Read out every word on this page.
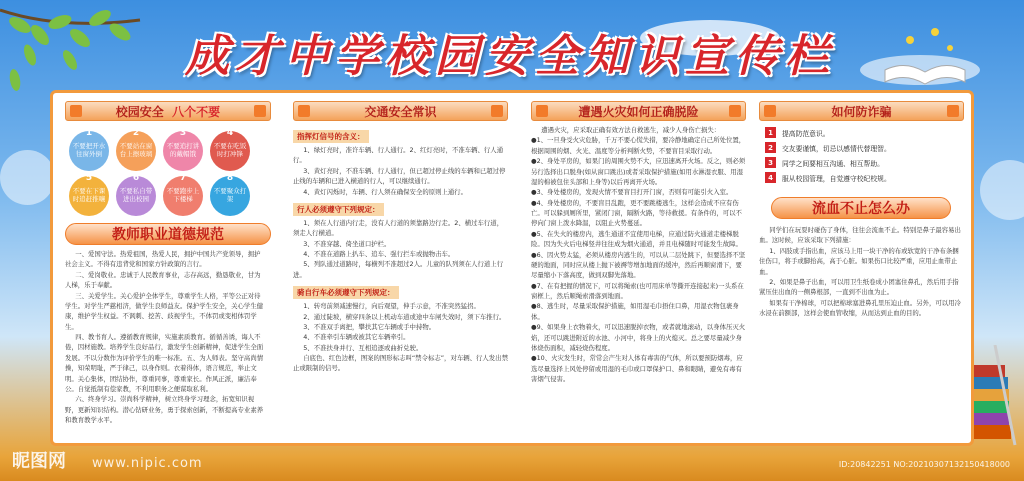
成才中学校园安全知识宣传栏
校园安全
八个不要
1
不要把开水往窗外倒
2
不要站在窗台上擦玻璃
3
不要追打讲的戴帽饿
4
不要在吃饭时打冲锋
5
不要在下课时追赶推嚷
6
不要私自带进出校园
7
不要跑步上下楼梯
8
不要聚众打架
教师职业道德规范

一、爱国守法。热爱祖国，热爱人民，拥护中国共产党领导，拥护社会主义。不得有违背党和国家方针政策的言行。

二、爱岗敬业。忠诚于人民教育事业，志存高远，勤恳敬业，甘为人梯，乐于奉献。

三、关爱学生。关心爱护全体学生，尊重学生人格，平等公正对待学生。对学生严慈相济，做学生良师益友。保护学生安全，关心学生健康，维护学生权益。不讽刺、挖苦、歧视学生，不体罚或变相体罚学生。

四、教书育人。遵循教育规律，实施素质教育。循循善诱，诲人不倦，因材施教。培养学生良好品行，激发学生创新精神，促进学生全面发展。不以分数作为评价学生的唯一标准。五、为人师表。坚守高尚情操，知荣明耻，严于律己，以身作则。衣着得体，语言规范，举止文明。关心集体，团结协作，尊重同事，尊重家长。作风正派，廉洁奉公。自觉抵制有偿家教，不利用职务之便谋取私利。

六、终身学习。崇尚科学精神，树立终身学习理念，拓宽知识视野，更新知识结构。潜心钻研业务，勇于探索创新，不断提高专业素养和教育教学水平。

交通安全常识
指挥灯信号的含义：

1、绿灯亮时，准许车辆、行人通行。2、红灯亮时，不准车辆、行人通行。

3、黄灯亮时，不准车辆、行人通行，但已超过停止线的车辆和已超过停止线的车辆和已进入横道的行人，可以继续通行。

4、黄灯闪烁时，车辆、行人须在确保安全的原则上通行。

行人必须遵守下列规定：

1、须在人行道内行走，没有人行道的须靠路边行走。2、横过车行道，须走人行横道。

3、不准穿越、倚坐道口护栏。

4、不准在道路上扒车、追车、强行拦车或抛物击车。

5、列队通过道路时，每横列不准超过2人。儿童的队列须在人行道上行进。

骑自行车必须遵守下列规定：

1、转弯前须减速慢行，向后观望，伸手示意，不准突然猛拐。

2、通过陡坡，横穿四条以上机动车道或途中车闸失效时，须下车推行。

3、不准双手离把，攀扶其它车辆或手中持物。

4、不准牵引车辆或被其它车辆牵引。

5、不准扶身并行、互相追逐或曲折兑驶。

自底色、红色边框，图案的图形标志叫“禁令标志”，对车辆、行人发出禁止或限制的信号。

遭遇火灾如何正确脱险
遭遇火灾，应采取正确有效方法自救逃生，减少人身伤亡损失：

●1、一旦身受火灾危胁，千万不要心慌失措，要冷静地确定自己所处位置，根据周围的烟、火光、温度等分析判断火势，不要盲目采取行动。

●2、身处平房的，如果门的周围火势不大，应迅速离开火场。反之，则必须另行选择出口脱身(如从窗口跳出)或者采取保护措施(如用水淋湿衣服、用湿湿的棉被包住头部和上身等)以后再离开火场。

●3、身处楼房的，发现火情不要盲目打开门窗，否则有可能引火入室。

●4、身处楼房的，不要盲目乱跑，更不要跳楼逃生，这样会造成不应有伤亡。可以躲到厕所里，紧闭门窗，隔断火路，等待救援。有条件的，可以不停向门窗上泼水降温，以阻止火势蔓延。

●5、在失火的楼房内，逃生通道不宜使用电梯，应通过防火通道走楼梯脱险。因为失火后电梯竖井往往成为烟火通道，并且电梯随时可能发生故障。

●6、因火势太猛，必须从楼房内逃生的，可以从二层处跳下，但要选择不坚硬的地面，同时应从楼上抛下被褥等增加地面的缓冲，然后再顺窗滑下，要尽量缩小下落高度，做到双脚先落地。

●7、在有把握的情况下，可以将绳索(也可用床单等撕开连接起来)一头系在窗框上，然后顺绳索滑落到地面。

●8、逃生时，尽量采取保护措施，如用湿毛巾捂住口鼻，用湿衣物包裹身体。

●9、如果身上衣物着火，可以迅速脱掉衣物，或者就地滚动，以身体压灭火焰，还可以跳进附近的水池、小河中，将身上的火熄灭。总之要尽量减少身体烧伤面积，减轻烧伤程度。

●10、火灾发生时，常常会产生对人体有毒害的气体，所以要预防烟毒，应选尽量选择上风处停留或用湿的毛巾或口罩保护口、鼻和眼睛，避免有毒有害烟气侵害。

如何防诈骗
1	提高防范意识。
2	交友要谨慎，切忌以感情代替理智。
3	同学之间要相互沟通、相互帮助。
4	服从校园管理，自觉遵守校纪校规。
流血不止怎么办

同学们在玩耍时碰伤了身体，往往会流血不止。特别是鼻子最容易出血。这时候，应该采取下列措施：

1、四肢或手指出血，应该马上用一块干净的布或软宽的干净布条捆住伤口，将手或脚抬高，高于心脏。如果伤口比较严重，应用止血带止血。

2、如果是鼻子出血，可以用卫生纸卷成小团塞住鼻孔，然后用手指紧压住出血的一侧鼻根部，一直到不出血为止。

如果有干净棉球，可以把棉球塞进鼻孔里压迫止血。另外，可以用冷水浸在前额部，这样会使血管收缩，从而达到止血的目的。

昵图网 www.nipic.com	ID:20842251 NO:20210307132150418000
